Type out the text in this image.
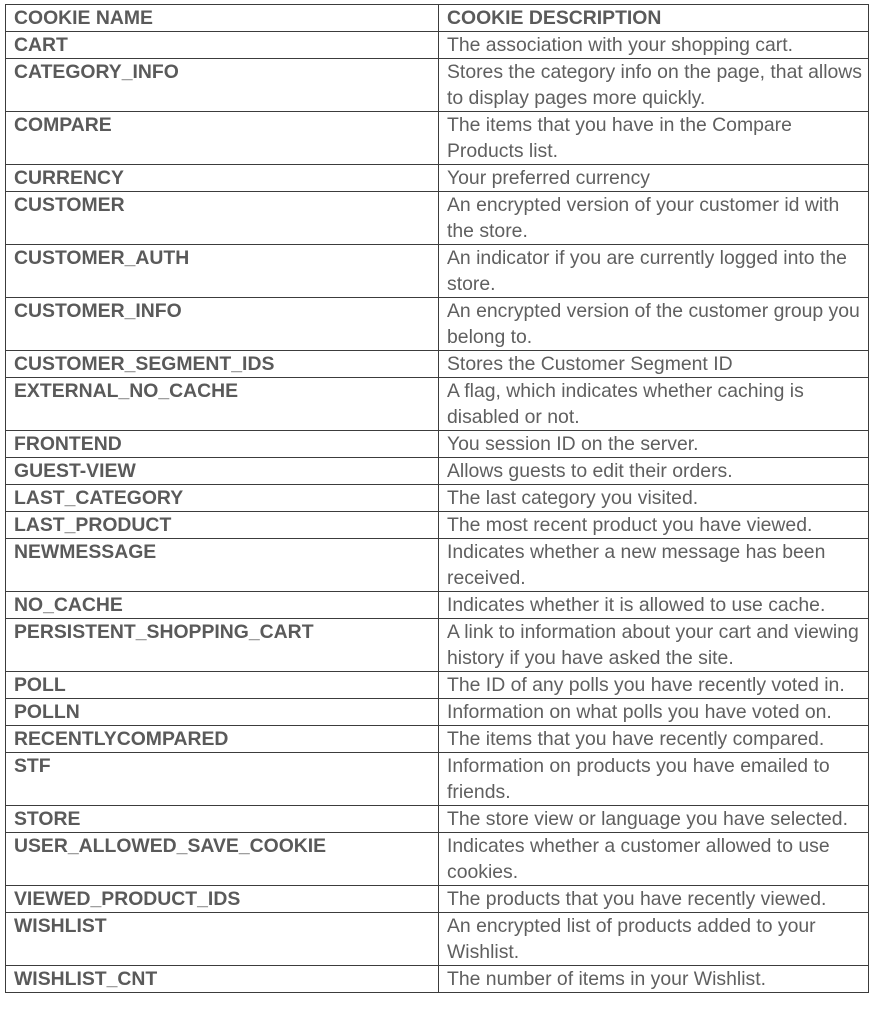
COOKIE NAME	COOKIE DESCRIPTION
CART	The association with your shopping cart.
CATEGORY_INFO	Stores the category info on the page, that allows to display pages more quickly.
COMPARE	The items that you have in the Compare Products list.
CURRENCY	Your preferred currency
CUSTOMER	An encrypted version of your customer id with the store.
CUSTOMER_AUTH	An indicator if you are currently logged into the store.
CUSTOMER_INFO	An encrypted version of the customer group you belong to.
CUSTOMER_SEGMENT_IDS	Stores the Customer Segment ID
EXTERNAL_NO_CACHE	A flag, which indicates whether caching is disabled or not.
FRONTEND	You session ID on the server.
GUEST-VIEW	Allows guests to edit their orders.
LAST_CATEGORY	The last category you visited.
LAST_PRODUCT	The most recent product you have viewed.
NEWMESSAGE	Indicates whether a new message has been received.
NO_CACHE	Indicates whether it is allowed to use cache.
PERSISTENT_SHOPPING_CART	A link to information about your cart and viewing history if you have asked the site.
POLL	The ID of any polls you have recently voted in.
POLLN	Information on what polls you have voted on.
RECENTLYCOMPARED	The items that you have recently compared.
STF	Information on products you have emailed to friends.
STORE	The store view or language you have selected.
USER_ALLOWED_SAVE_COOKIE	Indicates whether a customer allowed to use cookies.
VIEWED_PRODUCT_IDS	The products that you have recently viewed.
WISHLIST	An encrypted list of products added to your Wishlist.
WISHLIST_CNT	The number of items in your Wishlist.
